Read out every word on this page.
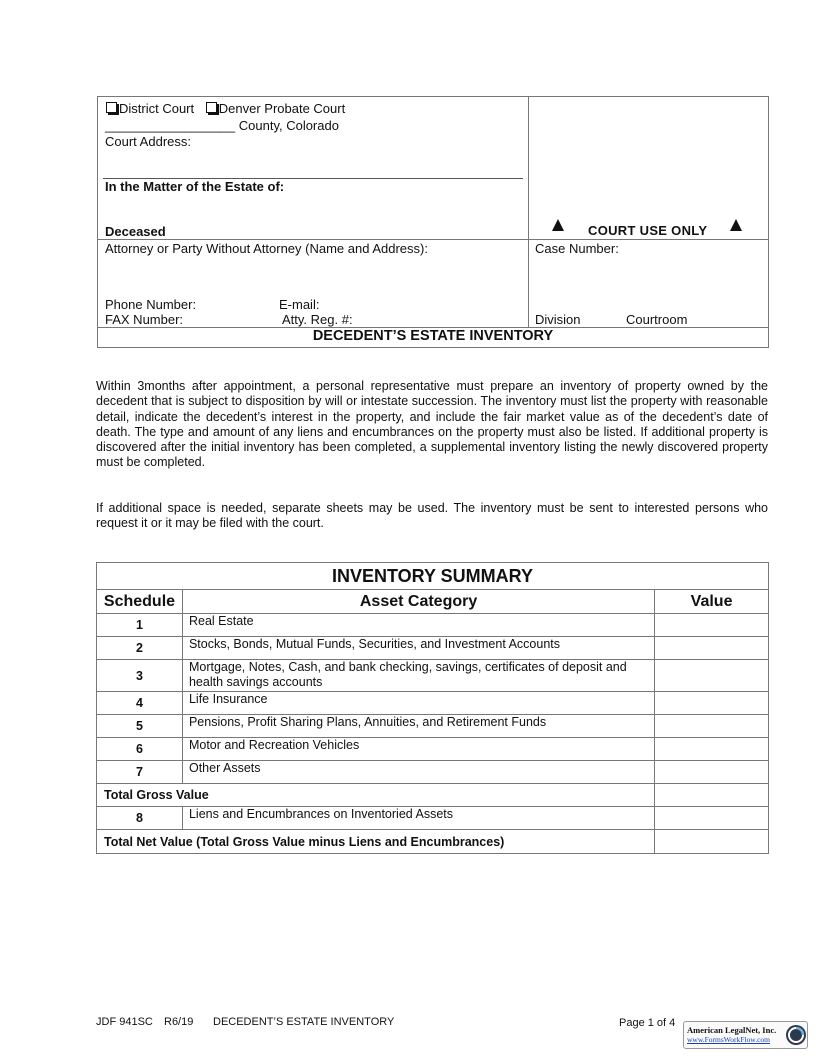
District Court Denver Probate Court
__________________ County, Colorado
Court Address:
In the Matter of the Estate of:
Deceased	COURT USE ONLY
Attorney or Party Without Attorney (Name and Address):
Phone Number:	E-mail:
FAX Number:	Atty. Reg. #:
Case Number:
Division	Courtroom
DECEDENT’S ESTATE INVENTORY
Within 3months after appointment, a personal representative must prepare an inventory of property owned by the decedent that is subject to disposition by will or intestate succession. The inventory must list the property with reasonable detail, indicate the decedent’s interest in the property, and include the fair market value as of the decedent’s date of death. The type and amount of any liens and encumbrances on the property must also be listed. If additional property is discovered after the initial inventory has been completed, a supplemental inventory listing the newly discovered property must be completed.
If additional space is needed, separate sheets may be used. The inventory must be sent to interested persons who request it or it may be filed with the court.
INVENTORY SUMMARY		
Schedule	Asset Category	Value
1	Real Estate	
2	Stocks, Bonds, Mutual Funds, Securities, and Investment Accounts	
3	Mortgage, Notes, Cash, and bank checking, savings, certificates of deposit and health savings accounts	
4	Life Insurance	
5	Pensions, Profit Sharing Plans, Annuities, and Retirement Funds	
6	Motor and Recreation Vehicles	
7	Other Assets	
Total Gross Value		
8	Liens and Encumbrances on Inventoried Assets	
Total Net Value (Total Gross Value minus Liens and Encumbrances)		
JDF 941SC R6/19 DECEDENT’S ESTATE INVENTORY	Page 1 of 4
American LegalNet, Inc.
www.FormsWorkFlow.com
